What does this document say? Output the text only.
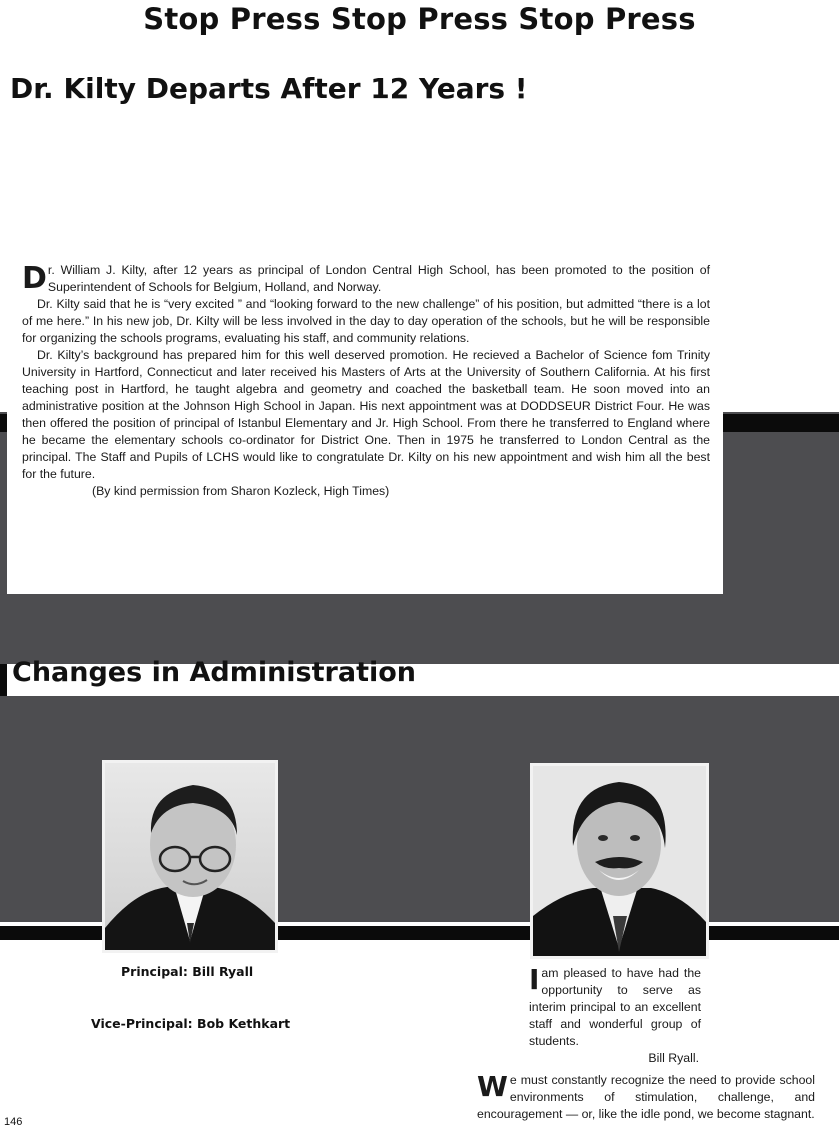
Stop Press Stop Press Stop Press
Dr. Kilty Departs After 12 Years !

Dr. William J. Kilty, after 12 years as principal of London Central High School, has been promoted to the position of Superintendent of Schools for Belgium, Holland, and Norway.

Dr. Kilty said that he is “very excited ” and “looking forward to the new challenge” of his position, but admitted “there is a lot of me here.” In his new job, Dr. Kilty will be less involved in the day to day operation of the schools, but he will be responsible for organizing the schools programs, evaluating his staff, and community relations.

Dr. Kilty’s background has prepared him for this well deserved promotion. He recieved a Bachelor of Science fom Trinity University in Hartford, Connecticut and later received his Masters of Arts at the University of Southern California. At his first teaching post in Hartford, he taught algebra and geometry and coached the basketball team. He soon moved into an administrative position at the Johnson High School in Japan. His next appointment was at DODDSEUR District Four. He was then offered the position of principal of Istanbul Elementary and Jr. High School. From there he transferred to England where he became the elementary schools co-ordinator for District One. Then in 1975 he transferred to London Central as the principal. The Staff and Pupils of LCHS would like to congratulate Dr. Kilty on his new appointment and wish him all the best for the future.

(By kind permission from Sharon Kozleck, High Times)

Changes in Administration
Principal: Bill Ryall
Vice-Principal: Bob Kethkart

Iam pleased to have had the opportunity to serve as interim principal to an excellent staff and wonderful group of students.

Bill Ryall.

We must constantly recognize the need to provide school environments of stimulation, challenge, and encouragement — or, like the idle pond, we become stagnant.

146
